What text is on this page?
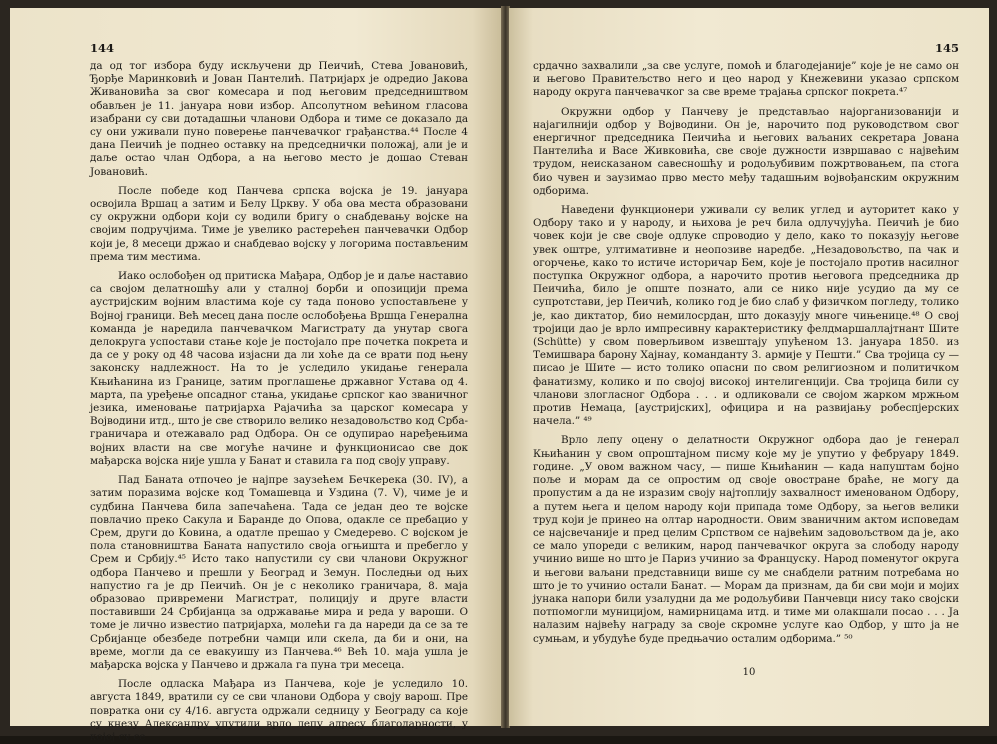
144

да од тог избора буду искључени др Пеичић, Стева Јовановић, Ђорђе Маринковић и Јован Пантелић. Патријарх је одредио Јакова Живановића за свог комесара и под његовим председништвом обављен је 11. јануара нови избор. Апсолутном већином гласова изабрани су сви дотадашњи чланови Одбора и тиме се доказало да су они уживали пуно поверење панчевачког грађанства.⁴⁴ После 4 дана Пеичић је поднео оставку на председнички положај, али је и даље остао члан Одбора, а на његово место је дошао Стеван Јовановић.

После победе код Панчева српска војска је 19. јануара освојила Вршац а затим и Белу Цркву. У оба ова места образовани су окружни одбори који су водили бригу о снабдевању војске на својим подручјима. Тиме је увелико растерећен панчевачки Одбор који је, 8 месеци држао и снабдевао војску у логорима постављеним према тим местима.

Иако ослобођен од притиска Мађара, Одбор је и даље наставио са својом делатношћу али у сталној борби и опозицији према аустријским војним властима које су тада поново успостављене у Војној граници. Већ месец дана после ослобођења Вршца Генерална команда је наредила панчевачком Магистрату да унутар свога делокруга успостави стање које је постојало пре почетка покрета и да се у року од 48 часова изјасни да ли хоће да се врати под њену законску надлежност. На то је уследило укидање генерала Књићанина из Границе, затим проглашење државног Устава од 4. марта, па уређење опсадног стања, укидање српског као званичног језика, именовање патријарха Рајачића за царског комесара у Војводини итд., што је све створило велико незадовољство код Срба-граничара и отежавало рад Одбора. Он се одупирао наређењима војних власти на све могуће начине и функционисао све док мађарска војска није ушла у Банат и ставила га под своју управу.

Пад Баната отпочео је најпре заузећем Бечкерека (30. IV), а затим поразима војске код Томашевца и Уздина (7. V), чиме је и судбина Панчева била запечаћена. Тада се један део те војске повлачио преко Сакула и Баранде до Опова, одакле се пребацио у Срем, други до Ковина, а одатле прешао у Смедерево. С војском је пола становништва Баната напустило своја огњишта и пребегло у Срем и Србију.⁴⁵ Исто тако напустили су сви чланови Окружног одбора Панчево и прешли у Београд и Земун. Последњи од њих напустио га је др Пеичић. Он је с неколико граничара, 8. маја образовао привремени Магистрат, полицију и друге власти поставивши 24 Србијанца за одржавање мира и реда у вароши. О томе је лично известио патријарха, молећи га да нареди да се за те Србијанце обезбеде потребни чамци или скела, да би и они, на време, могли да се евакуишу из Панчева.⁴⁶ Већ 10. маја ушла је мађарска војска у Панчево и држала га пуна три месеца.

После одласка Мађара из Панчева, које је уследило 10. августа 1849, вратили су се сви чланови Одбора у своју варош. Пре повратка они су 4/16. августа одржали седницу у Београду са које су кнезу Александру упутили врло лепу адресу благодарности, у којој су се

145

срдачно захвалили „за све услуге, помоћ и благодејаније” које је не само он и његово Правитељство него и цео народ у Кнежевини указао српском народу округа панчевачког за све време трајања српског покрета.⁴⁷

Окружни одбор у Панчеву је представљао најорганизованији и најагилнији одбор у Војводини. Он је, нарочито под руководством свог енергичног председника Пеичића и његових ваљаних секретара Јована Пантелића и Васе Живковића, све своје дужности извршавао с највећим трудом, неисказаном савесношћу и родољубивим пожртвовањем, па стога био чувен и заузимао прво место међу тадашњим војвођанским окружним одборима.

Наведени функционери уживали су велик углед и ауторитет како у Одбору тако и у народу, и њихова је реч била одлучујућа. Пеичић је био човек који је све своје одлуке спроводио у дело, како то показују његове увек оштре, ултимативне и неопозиве наредбе. „Незадовољство, па чак и огорчење, како то истиче историчар Бем, које је постојало против насилног поступка Окружног одбора, а нарочито против његовога председника др Пеичића, било је опште познато, али се нико није усудио да му се супротстави, јер Пеичић, колико год је био слаб у физичком погледу, толико је, као диктатор, био немилосрдан, што доказују многе чињенице.⁴⁸ О свој тројици дао је врло импресивну карактеристику фелдмаршаллајтнант Шите (Schütte) у свом поверљивом извештају упућеном 13. јануара 1850. из Темишвара барону Хајнау, команданту 3. армије у Пешти.” Сва тројица су — писао је Шите — исто толико опасни по свом религиозном и политичком фанатизму, колико и по својој високој интелигенцији. Сва тројица били су чланови злогласног Одбора . . . и одликовали се својом жарком мржњом против Немаца, [аустријских], официра и на развијању робеспјерских начела.” ⁴⁹

Врло лепу оцену о делатности Окружног одбора дао је генерал Књићанин у свом опроштајном писму које му је упутио у фебруару 1849. године. „У овом важном часу, — пише Књићанин — када напуштам бојно поље и морам да се опростим од своје овостране браће, не могу да пропустим а да не изразим своју најтоплију захвалност именованом Одбору, а путем њега и целом народу који припада томе Одбору, за његов велики труд који је принео на олтар народности. Овим званичним актом исповедам се најсвечаније и пред целим Српством се највећим задовољством да је, ако се мало упореди с великим, народ панчевачког округа за слободу народу учинио више но што је Париз учинио за Француску. Народ поменутог округа и његови ваљани представници више су ме снабдели ратним потребама но што је то учинио остали Банат. — Морам да признам, да би сви моји и мојих јунака напори били узалудни да ме родољубиви Панчевци нису тако својски потпомогли муницијом, намирницама итд. и тиме ми олакшали посао . . . Ја налазим највећу награду за своје скромне услуге као Одбор, у што ја не сумњам, и убудуће буде предњачио осталим одборима.” ⁵⁰

10
